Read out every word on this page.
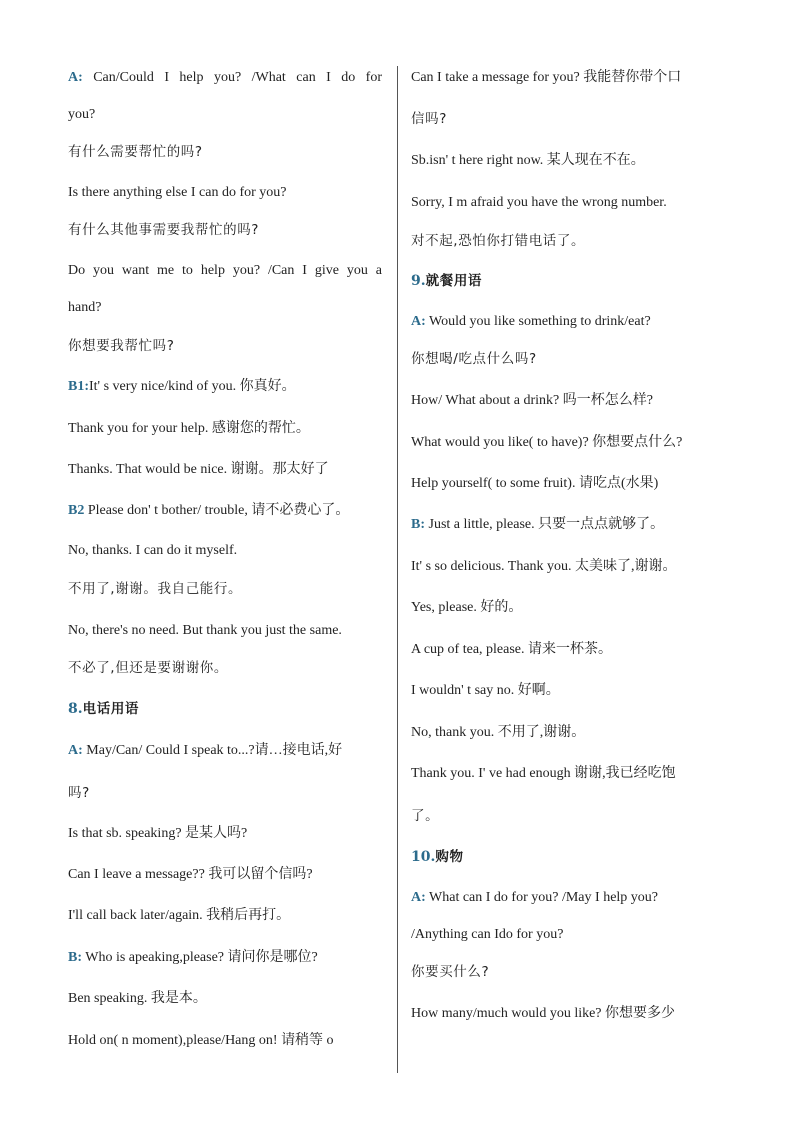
A: Can/Could I help you? /What can I do for
you?
有什么需要帮忙的吗?
Is there anything else I can do for you?
有什么其他事需要我帮忙的吗?
Do you want me to help you? /Can I give you a
hand?
你想要我帮忙吗?
B1:It' s very nice/kind of you. 你真好。
Thank you for your help. 感谢您的帮忙。
Thanks. That would be nice. 谢谢。那太好了
B2 Please don' t bother/ trouble, 请不必费心了。
No, thanks. I can do it myself.
不用了,谢谢。我自己能行。
No, there's no need. But thank you just the same.
不必了,但还是要谢谢你。
8.电话用语
A: May/Can/ Could I speak to...?请…接电话,好
吗?
Is that sb. speaking? 是某人吗?
Can I leave a message?? 我可以留个信吗?
I'll call back later/again. 我稍后再打。
B: Who is apeaking,please? 请问你是哪位?
Ben speaking. 我是本。
Hold on( n moment),please/Hang on! 请稍等 o
Can I take a message for you? 我能替你带个口
信吗?
Sb.isn' t here right now. 某人现在不在。
Sorry, I m afraid you have the wrong number.
对不起,恐怕你打错电话了。
9.就餐用语
A: Would you like something to drink/eat?
你想喝/吃点什么吗?
How/ What about a drink? 吗一杯怎么样?
What would you like( to have)? 你想要点什么?
Help yourself( to some fruit). 请吃点(水果)
B: Just a little, please. 只要一点点就够了。
It' s so delicious. Thank you. 太美味了,谢谢。
Yes, please. 好的。
A cup of tea, please. 请来一杯茶。
I wouldn' t say no. 好啊。
No, thank you. 不用了,谢谢。
Thank you. I' ve had enough 谢谢,我已经吃饱
了。
10.购物
A: What can I do for you? /May I help you?
/Anything can Ido for you?
你要买什么?
How many/much would you like? 你想要多少
